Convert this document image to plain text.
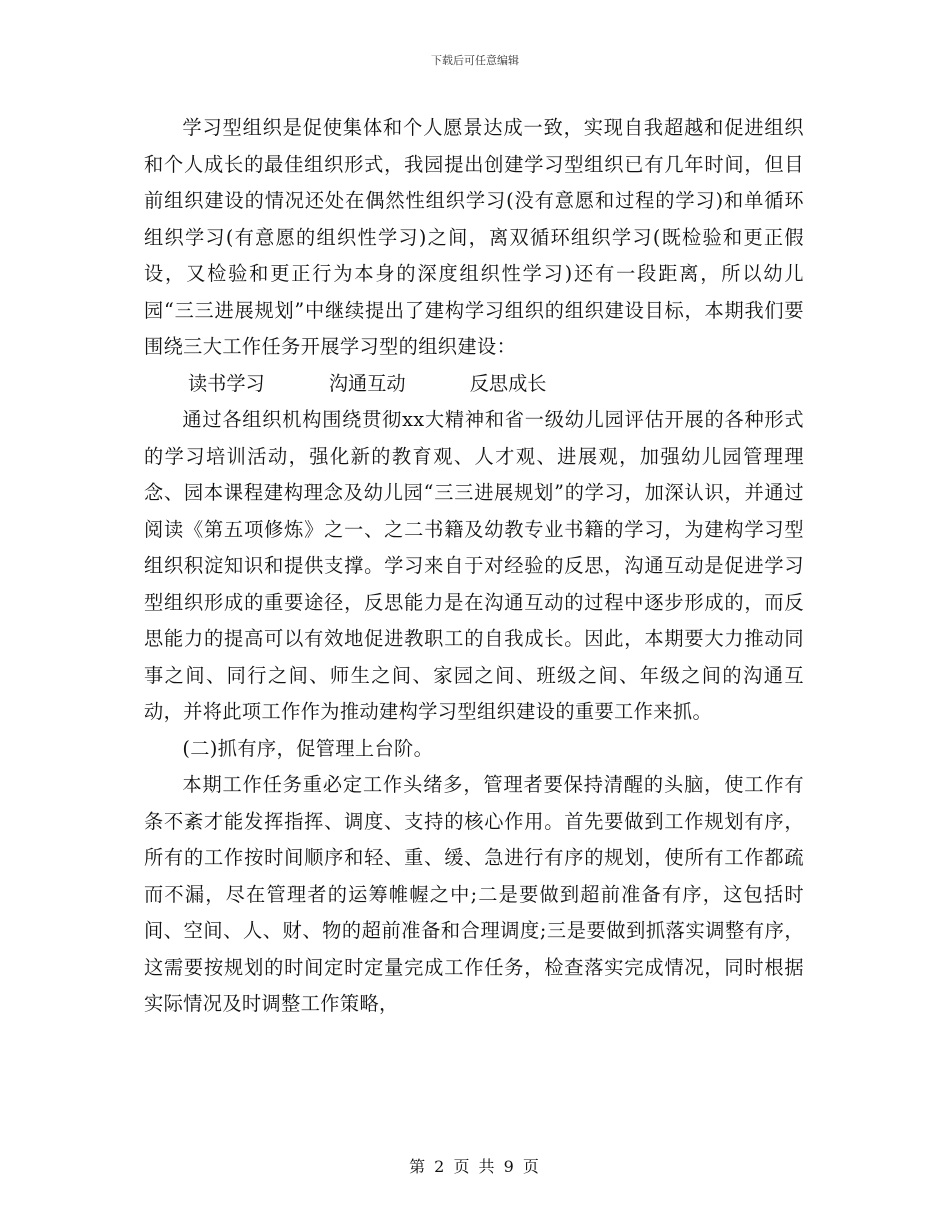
下载后可任意编辑

学习型组织是促使集体和个人愿景达成一致，实现自我超越和促进组织和个人成长的最佳组织形式，我园提出创建学习型组织已有几年时间，但目前组织建设的情况还处在偶然性组织学习(没有意愿和过程的学习)和单循环组织学习(有意愿的组织性学习)之间，离双循环组织学习(既检验和更正假设，又检验和更正行为本身的深度组织性学习)还有一段距离，所以幼儿园“三三进展规划”中继续提出了建构学习组织的组织建设目标，本期我们要围绕三大工作任务开展学习型的组织建设：

读书学习	沟通互动	反思成长

通过各组织机构围绕贯彻xx大精神和省一级幼儿园评估开展的各种形式的学习培训活动，强化新的教育观、人才观、进展观，加强幼儿园管理理念、园本课程建构理念及幼儿园“三三进展规划”的学习，加深认识，并通过阅读《第五项修炼》之一、之二书籍及幼教专业书籍的学习，为建构学习型组织积淀知识和提供支撑。学习来自于对经验的反思，沟通互动是促进学习型组织形成的重要途径，反思能力是在沟通互动的过程中逐步形成的，而反思能力的提高可以有效地促进教职工的自我成长。因此，本期要大力推动同事之间、同行之间、师生之间、家园之间、班级之间、年级之间的沟通互动，并将此项工作作为推动建构学习型组织建设的重要工作来抓。

(二)抓有序，促管理上台阶。

本期工作任务重必定工作头绪多，管理者要保持清醒的头脑，使工作有条不紊才能发挥指挥、调度、支持的核心作用。首先要做到工作规划有序，所有的工作按时间顺序和轻、重、缓、急进行有序的规划，使所有工作都疏而不漏，尽在管理者的运筹帷幄之中;二是要做到超前准备有序，这包括时间、空间、人、财、物的超前准备和合理调度;三是要做到抓落实调整有序，这需要按规划的时间定时定量完成工作任务，检查落实完成情况，同时根据实际情况及时调整工作策略，

第 2 页 共 9 页
